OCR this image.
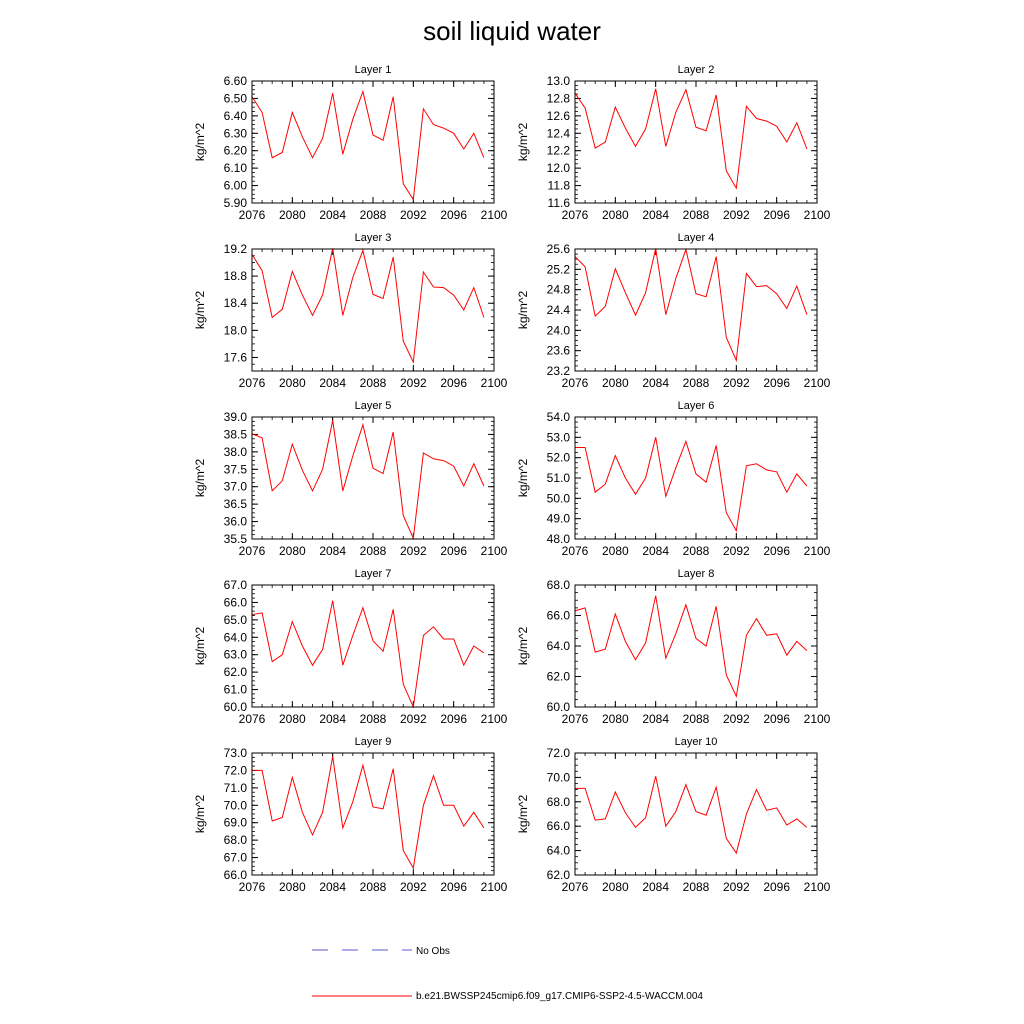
soil liquid water
Layer 1
kg/m^2
2076 2080 2084 2088 2092 2096 2100
5.90
6.00
6.10
6.20
6.30
6.40
6.50
6.60
Layer 2
kg/m^2
2076 2080 2084 2088 2092 2096 2100
11.6
11.8
12.0
12.2
12.4
12.6
12.8
13.0
Layer 3
kg/m^2
2076 2080 2084 2088 2092 2096 2100
17.6
18.0
18.4
18.8
19.2
Layer 4
kg/m^2
2076 2080 2084 2088 2092 2096 2100
23.2
23.6
24.0
24.4
24.8
25.2
25.6
Layer 5
kg/m^2
2076 2080 2084 2088 2092 2096 2100
35.5
36.0
36.5
37.0
37.5
38.0
38.5
39.0
Layer 6
kg/m^2
2076 2080 2084 2088 2092 2096 2100
48.0
49.0
50.0
51.0
52.0
53.0
54.0
Layer 7
kg/m^2
2076 2080 2084 2088 2092 2096 2100
60.0
61.0
62.0
63.0
64.0
65.0
66.0
67.0
Layer 8
kg/m^2
2076 2080 2084 2088 2092 2096 2100
60.0
62.0
64.0
66.0
68.0
Layer 9
kg/m^2
2076 2080 2084 2088 2092 2096 2100
66.0
67.0
68.0
69.0
70.0
71.0
72.0
73.0
Layer 10
kg/m^2
2076 2080 2084 2088 2092 2096 2100
62.0
64.0
66.0
68.0
70.0
72.0
No Obs
b.e21.BWSSP245cmip6.f09_g17.CMIP6-SSP2-4.5-WACCM.004
